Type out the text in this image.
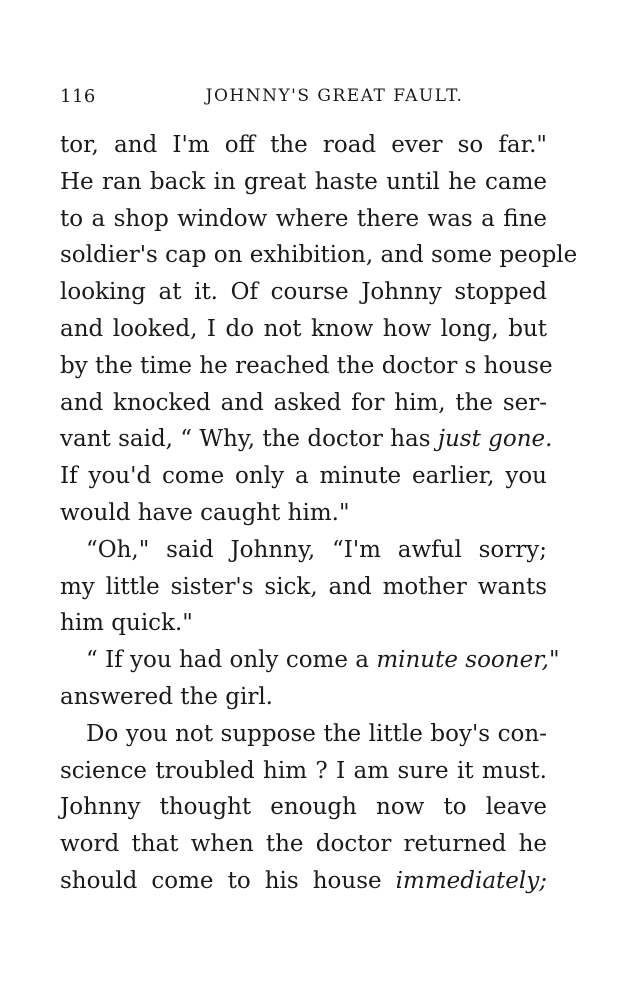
116	JOHNNY'S GREAT FAULT.
tor, and I'm off the road ever so far."
He ran back in great haste until he came
to a shop window where there was a fine
soldier's cap on exhibition, and some people
looking at it. Of course Johnny stopped
and looked, I do not know how long, but
by the time he reached the doctor s house
and knocked and asked for him, the ser-
vant said, “ Why, the doctor has just gone.
If you'd come only a minute earlier, you
would have caught him."
“Oh," said Johnny, “I'm awful sorry;
my little sister's sick, and mother wants
him quick."
“ If you had only come a minute sooner,"
answered the girl.
Do you not suppose the little boy's con-
science troubled him ? I am sure it must.
Johnny thought enough now to leave
word that when the doctor returned he
should come to his house immediately;
